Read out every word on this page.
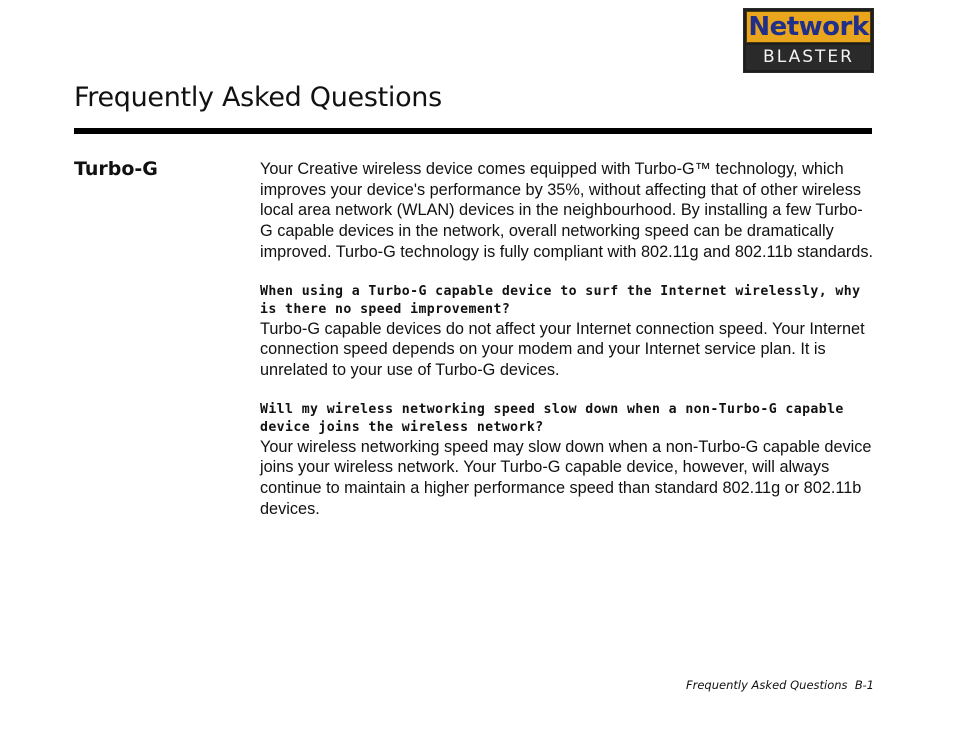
Network
BLASTER
Frequently Asked Questions
Turbo-G	Your Creative wireless device comes equipped with Turbo-G™ technology, which improves your device's performance by 35%, without affecting that of other wireless local area network (WLAN) devices in the neighbourhood. By installing a few Turbo-G capable devices in the network, overall networking speed can be dramatically improved. Turbo-G technology is fully compliant with 802.11g and 802.11b standards.

When using a Turbo-G capable device to surf the Internet wirelessly, why is there no speed improvement?

Turbo-G capable devices do not affect your Internet connection speed. Your Internet connection speed depends on your modem and your Internet service plan. It is unrelated to your use of Turbo-G devices.

Will my wireless networking speed slow down when a non-Turbo-G capable device joins the wireless network?

Your wireless networking speed may slow down when a non-Turbo-G capable device joins your wireless network. Your Turbo-G capable device, however, will always continue to maintain a higher performance speed than standard 802.11g or 802.11b devices.

Frequently Asked Questions  B-1
